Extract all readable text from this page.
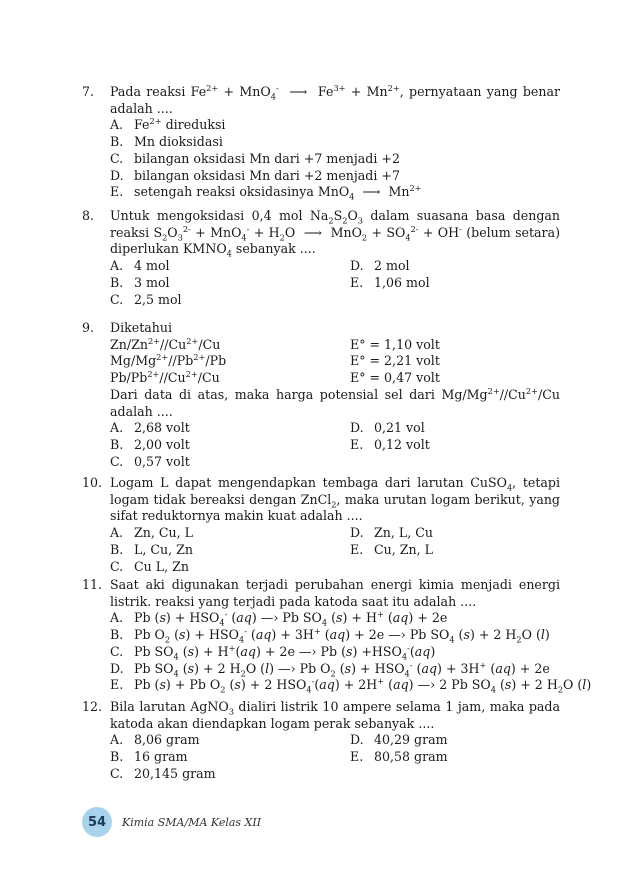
7.	Pada reaksi $Fe^{2+} + MnO_4^-$  ⟶  $Fe^{3+} + Mn^{2+}$, pernyataan yang benar adalah ....
A. $Fe^{2+}$ direduksi
B. Mn dioksidasi
C. bilangan oksidasi Mn dari +7 menjadi +2
D. bilangan oksidasi Mn dari +2 menjadi +7
E. setengah reaksi oksidasinya MnO$_4$  ⟶  $Mn^{2+}$
8.	Untuk mengoksidasi 0,4 mol $Na_2S_2O_3$ dalam suasana basa dengan reaksi $S_2O_3^{2-} + MnO_4^- + H_2O$  ⟶  $MnO_2 + SO_4^{2-} + OH^-$ (belum setara) diperlukan $KMNO_4$ sebanyak ....
A. 4 mol	D. 2 mol
B. 3 mol	E. 1,06 mol
C. 2,5 mol
9.	Diketahui
$Zn/Zn^{2+}//Cu^{2+}/Cu$	E° = 1,10 volt
$Mg/Mg^{2+}//Pb^{2+}/Pb$	E° = 2,21 volt
$Pb/Pb^{2+}//Cu^{2+}/Cu$	E° = 0,47 volt
Dari data di atas, maka harga potensial sel dari $Mg/Mg^{2+}//Cu^{2+}/Cu$ adalah ....
A. 2,68 volt	D. 0,21 vol
B. 2,00 volt	E. 0,12 volt
C. 0,57 volt
10. Logam L dapat mengendapkan tembaga dari larutan CuSO$_4$, tetapi logam tidak bereaksi dengan ZnCl$_2$, maka urutan logam berikut, yang sifat reduktornya makin kuat adalah ....
A. Zn, Cu, L	D. Zn, L, Cu
B. L, Cu, Zn	E. Cu, Zn, L
C. Cu L, Zn
11. Saat aki digunakan terjadi perubahan energi kimia menjadi energi listrik. reaksi yang terjadi pada katoda saat itu adalah ....
A. Pb $(s) + HSO_4^-$ (aq) —› Pb $SO_4$ (s) + H+ (aq) + 2e
B. Pb $O_2$ $(s) + HSO_4^-$ (aq) + 3H+ (aq) + 2e —› Pb $SO_4$ (s) + 2 $H_2O$ (l)
C. Pb $SO_4$ (s) + H+(aq) + 2e —› Pb $(s) +HSO_4^-(aq)$
D. Pb $SO_4$ (s) + 2 $H_2O$ (l) —› Pb $O_2$ $(s) + HSO_4^-$ (aq) + 3H+ (aq) + 2e
E. Pb (s) + Pb $O_2$ (s) + 2 $HSO_4^-(aq) + 2H^+$ (aq) —› 2 Pb $SO_4$ (s) + 2 $H_2O$ (l)
12. Bila larutan AgNO$_3$ dialiri listrik 10 ampere selama 1 jam, maka pada katoda akan diendapkan logam perak sebanyak ....
A. 8,06 gram	D. 40,29 gram
B. 16 gram	E. 80,58 gram
C. 20,145 gram
54	Kimia SMA/MA Kelas XII
